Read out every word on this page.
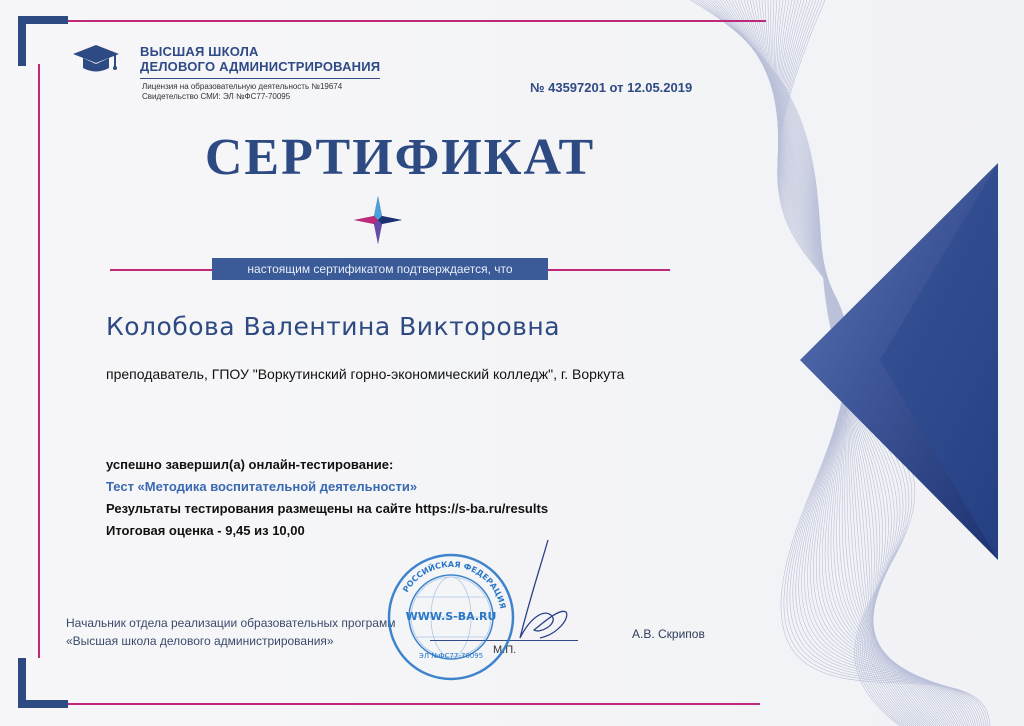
ВЫСШАЯ ШКОЛА
ДЕЛОВОГО АДМИНИСТРИРОВАНИЯ
Лицензия на образовательную деятельность №19674
Свидетельство СМИ: ЭЛ №ФС77-70095
№ 43597201 от 12.05.2019
СЕРТИФИКАТ
настоящим сертификатом подтверждается, что
Колобова Валентина Викторовна
преподаватель, ГПОУ "Воркутинский горно-экономический колледж", г. Воркута
успешно завершил(а) онлайн-тестирование:
Тест «Методика воспитательной деятельности»
Результаты тестирования размещены на сайте https://s-ba.ru/results
Итоговая оценка - 9,45 из 10,00
Начальник отдела реализации образовательных программ
«Высшая школа делового администрирования»	А.В. Скрипов
М.П.
РОССИЙСКАЯ ФЕДЕРАЦИЯ
WWW.S-BA.RU
ЭЛ №ФС77-70095
